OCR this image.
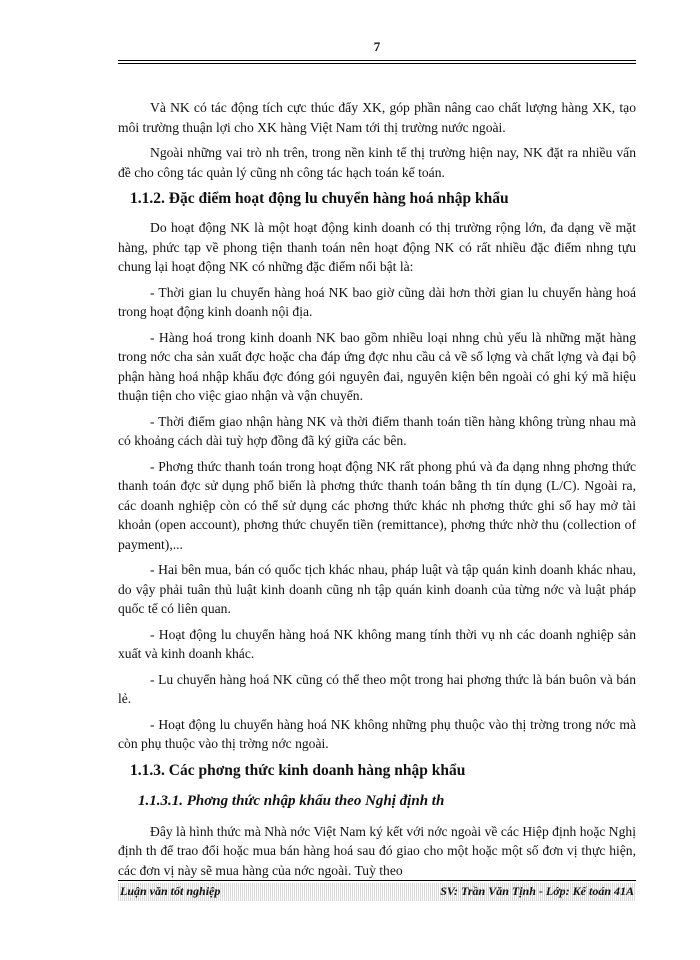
7

Và NK có tác động tích cực thúc đẩy XK, góp phần nâng cao chất lượng hàng XK, tạo môi trường thuận lợi cho XK hàng Việt Nam tới thị trường nước ngoài.

Ngoài những vai trò nh trên, trong nền kinh tế thị trường hiện nay, NK đặt ra nhiều vấn đề cho công tác quản lý cũng nh công tác hạch toán kế toán.

1.1.2. Đặc điểm hoạt động lu chuyển hàng hoá nhập khẩu

Do hoạt động NK là một hoạt động kinh doanh có thị trường rộng lớn, đa dạng về mặt hàng, phức tạp về phong tiện thanh toán nên hoạt động NK có rất nhiều đặc điểm nhng tựu chung lại hoạt động NK có những đặc điểm nổi bật là:

- Thời gian lu chuyển hàng hoá NK bao giờ cũng dài hơn thời gian lu chuyển hàng hoá trong hoạt động kinh doanh nội địa.

- Hàng hoá trong kinh doanh NK bao gồm nhiều loại nhng chủ yếu là những mặt hàng trong nớc cha sản xuất đợc hoặc cha đáp ứng đợc nhu cầu cả về số lợng và chất lợng và đại bộ phận hàng hoá nhập khẩu đợc đóng gói nguyên đai, nguyên kiện bên ngoài có ghi ký mã hiệu thuận tiện cho việc giao nhận và vận chuyển.

- Thời điểm giao nhận hàng NK và thời điểm thanh toán tiền hàng không trùng nhau mà có khoảng cách dài tuỳ hợp đồng đã ký giữa các bên.

- Phơng thức thanh toán trong hoạt động NK rất phong phú và đa dạng nhng phơng thức thanh toán đợc sử dụng phổ biến là phơng thức thanh toán bằng th tín dụng (L/C). Ngoài ra, các doanh nghiệp còn có thể sử dụng các phơng thức khác nh phơng thức ghi sổ hay mở tài khoản (open account), phơng thức chuyển tiền (remittance), phơng thức nhờ thu (collection of payment),...

- Hai bên mua, bán có quốc tịch khác nhau, pháp luật và tập quán kinh doanh khác nhau, do vậy phải tuân thủ luật kinh doanh cũng nh tập quán kinh doanh của từng nớc và luật pháp quốc tế có liên quan.

- Hoạt động lu chuyển hàng hoá NK không mang tính thời vụ nh các doanh nghiệp sản xuất và kinh doanh khác.

- Lu chuyển hàng hoá NK cũng có thể theo một trong hai phơng thức là bán buôn và bán lẻ.

- Hoạt động lu chuyển hàng hoá NK không những phụ thuộc vào thị trờng trong nớc mà còn phụ thuộc vào thị trờng nớc ngoài.

1.1.3. Các phơng thức kinh doanh hàng nhập khẩu
1.1.3.1. Phơng thức nhập khẩu theo Nghị định th

Đây là hình thức mà Nhà nớc Việt Nam ký kết với nớc ngoài về các Hiệp định hoặc Nghị định th để trao đổi hoặc mua bán hàng hoá sau đó giao cho một hoặc một số đơn vị thực hiện, các đơn vị này sẽ mua hàng của nớc ngoài. Tuỳ theo

Luận văn tốt nghiệp	SV: Trần Văn Tịnh - Lớp: Kế toán 41A
